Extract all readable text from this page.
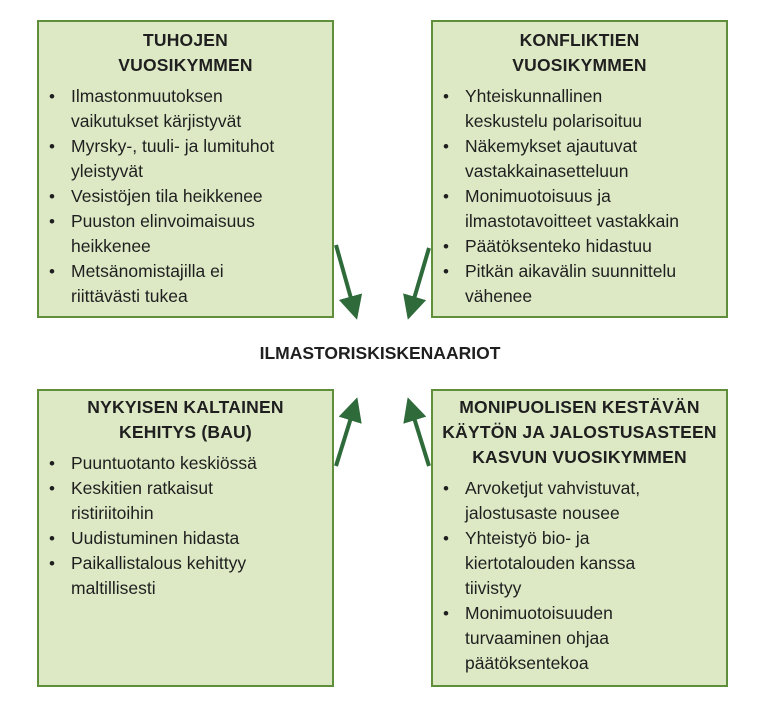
TUHOJEN
VUOSIKYMMEN
• Ilmastonmuutoksen
vaikutukset kärjistyvät
• Myrsky-, tuuli- ja lumituhot
yleistyvät
• Vesistöjen tila heikkenee
• Puuston elinvoimaisuus
heikkenee
• Metsänomistajilla ei
riittävästi tukea
KONFLIKTIEN
VUOSIKYMMEN
• Yhteiskunnallinen
keskustelu polarisoituu
• Näkemykset ajautuvat
vastakkainasetteluun
• Monimuotoisuus ja
ilmastotavoitteet vastakkain
• Päätöksenteko hidastuu
• Pitkän aikavälin suunnittelu
vähenee
ILMASTORISKISKENAARIOT
NYKYISEN KALTAINEN
KEHITYS (BAU)
• Puuntuotanto keskiössä
• Keskitien ratkaisut
ristiriitoihin
• Uudistuminen hidasta
• Paikallistalous kehittyy
maltillisesti
MONIPUOLISEN KESTÄVÄN
KÄYTÖN JA JALOSTUSASTEEN
KASVUN VUOSIKYMMEN
• Arvoketjut vahvistuvat,
jalostusaste nousee
• Yhteistyö bio- ja
kiertotalouden kanssa
tiivistyy
• Monimuotoisuuden
turvaaminen ohjaa
päätöksentekoa
